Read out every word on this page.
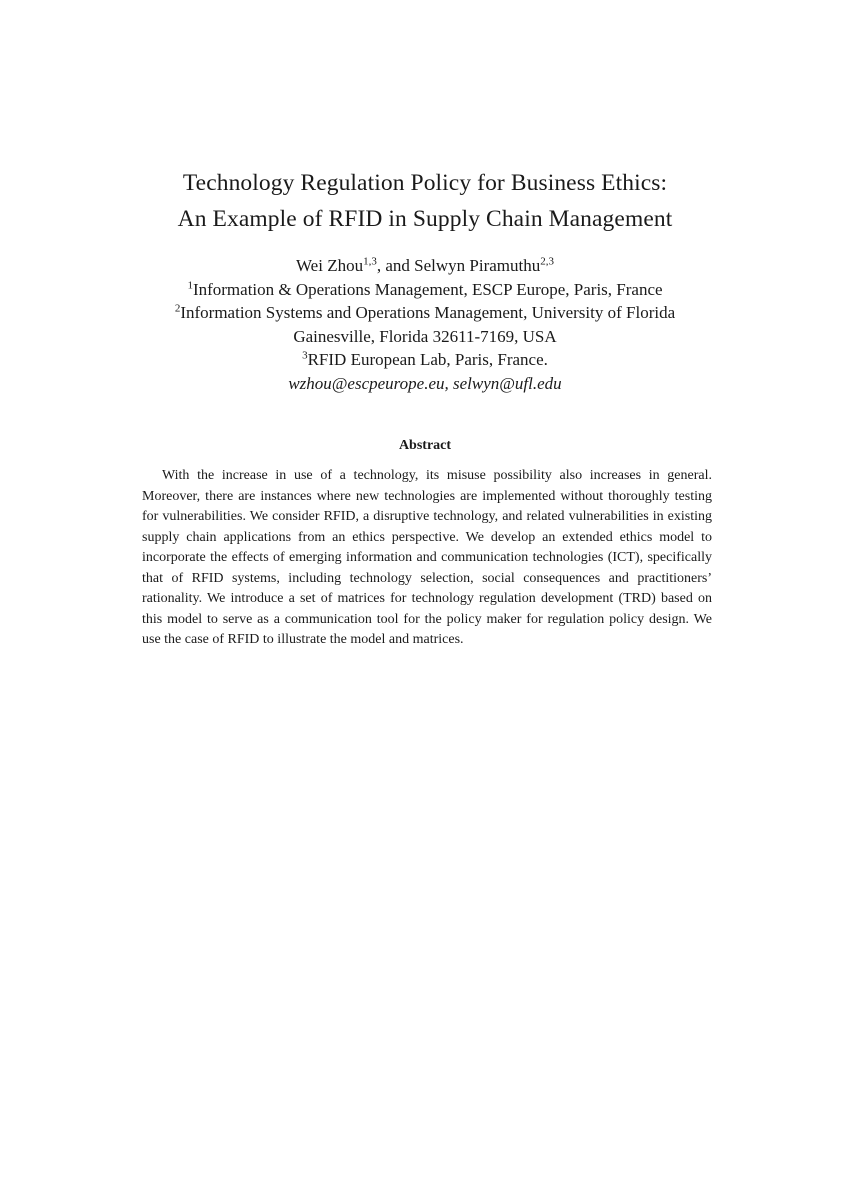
Technology Regulation Policy for Business Ethics:
An Example of RFID in Supply Chain Management
Wei Zhou$^{1,3}$, and Selwyn Piramuthu$^{2,3}$
$^1$Information & Operations Management, ESCP Europe, Paris, France
$^2$Information Systems and Operations Management, University of Florida
Gainesville, Florida 32611-7169, USA
$^3$RFID European Lab, Paris, France.
wzhou@escpeurope.eu, selwyn@ufl.edu
Abstract
With the increase in use of a technology, its misuse possibility also increases in general. Moreover, there are instances where new technologies are implemented without thoroughly testing for vulnerabilities. We consider RFID, a disruptive technology, and related vulnerabilities in existing supply chain applications from an ethics perspective. We develop an extended ethics model to incorporate the effects of emerging information and communication technologies (ICT), specifically that of RFID systems, including technology selection, social consequences and practitioners’ rationality. We introduce a set of matrices for technology regulation development (TRD) based on this model to serve as a communication tool for the policy maker for regulation policy design. We use the case of RFID to illustrate the model and matrices.
